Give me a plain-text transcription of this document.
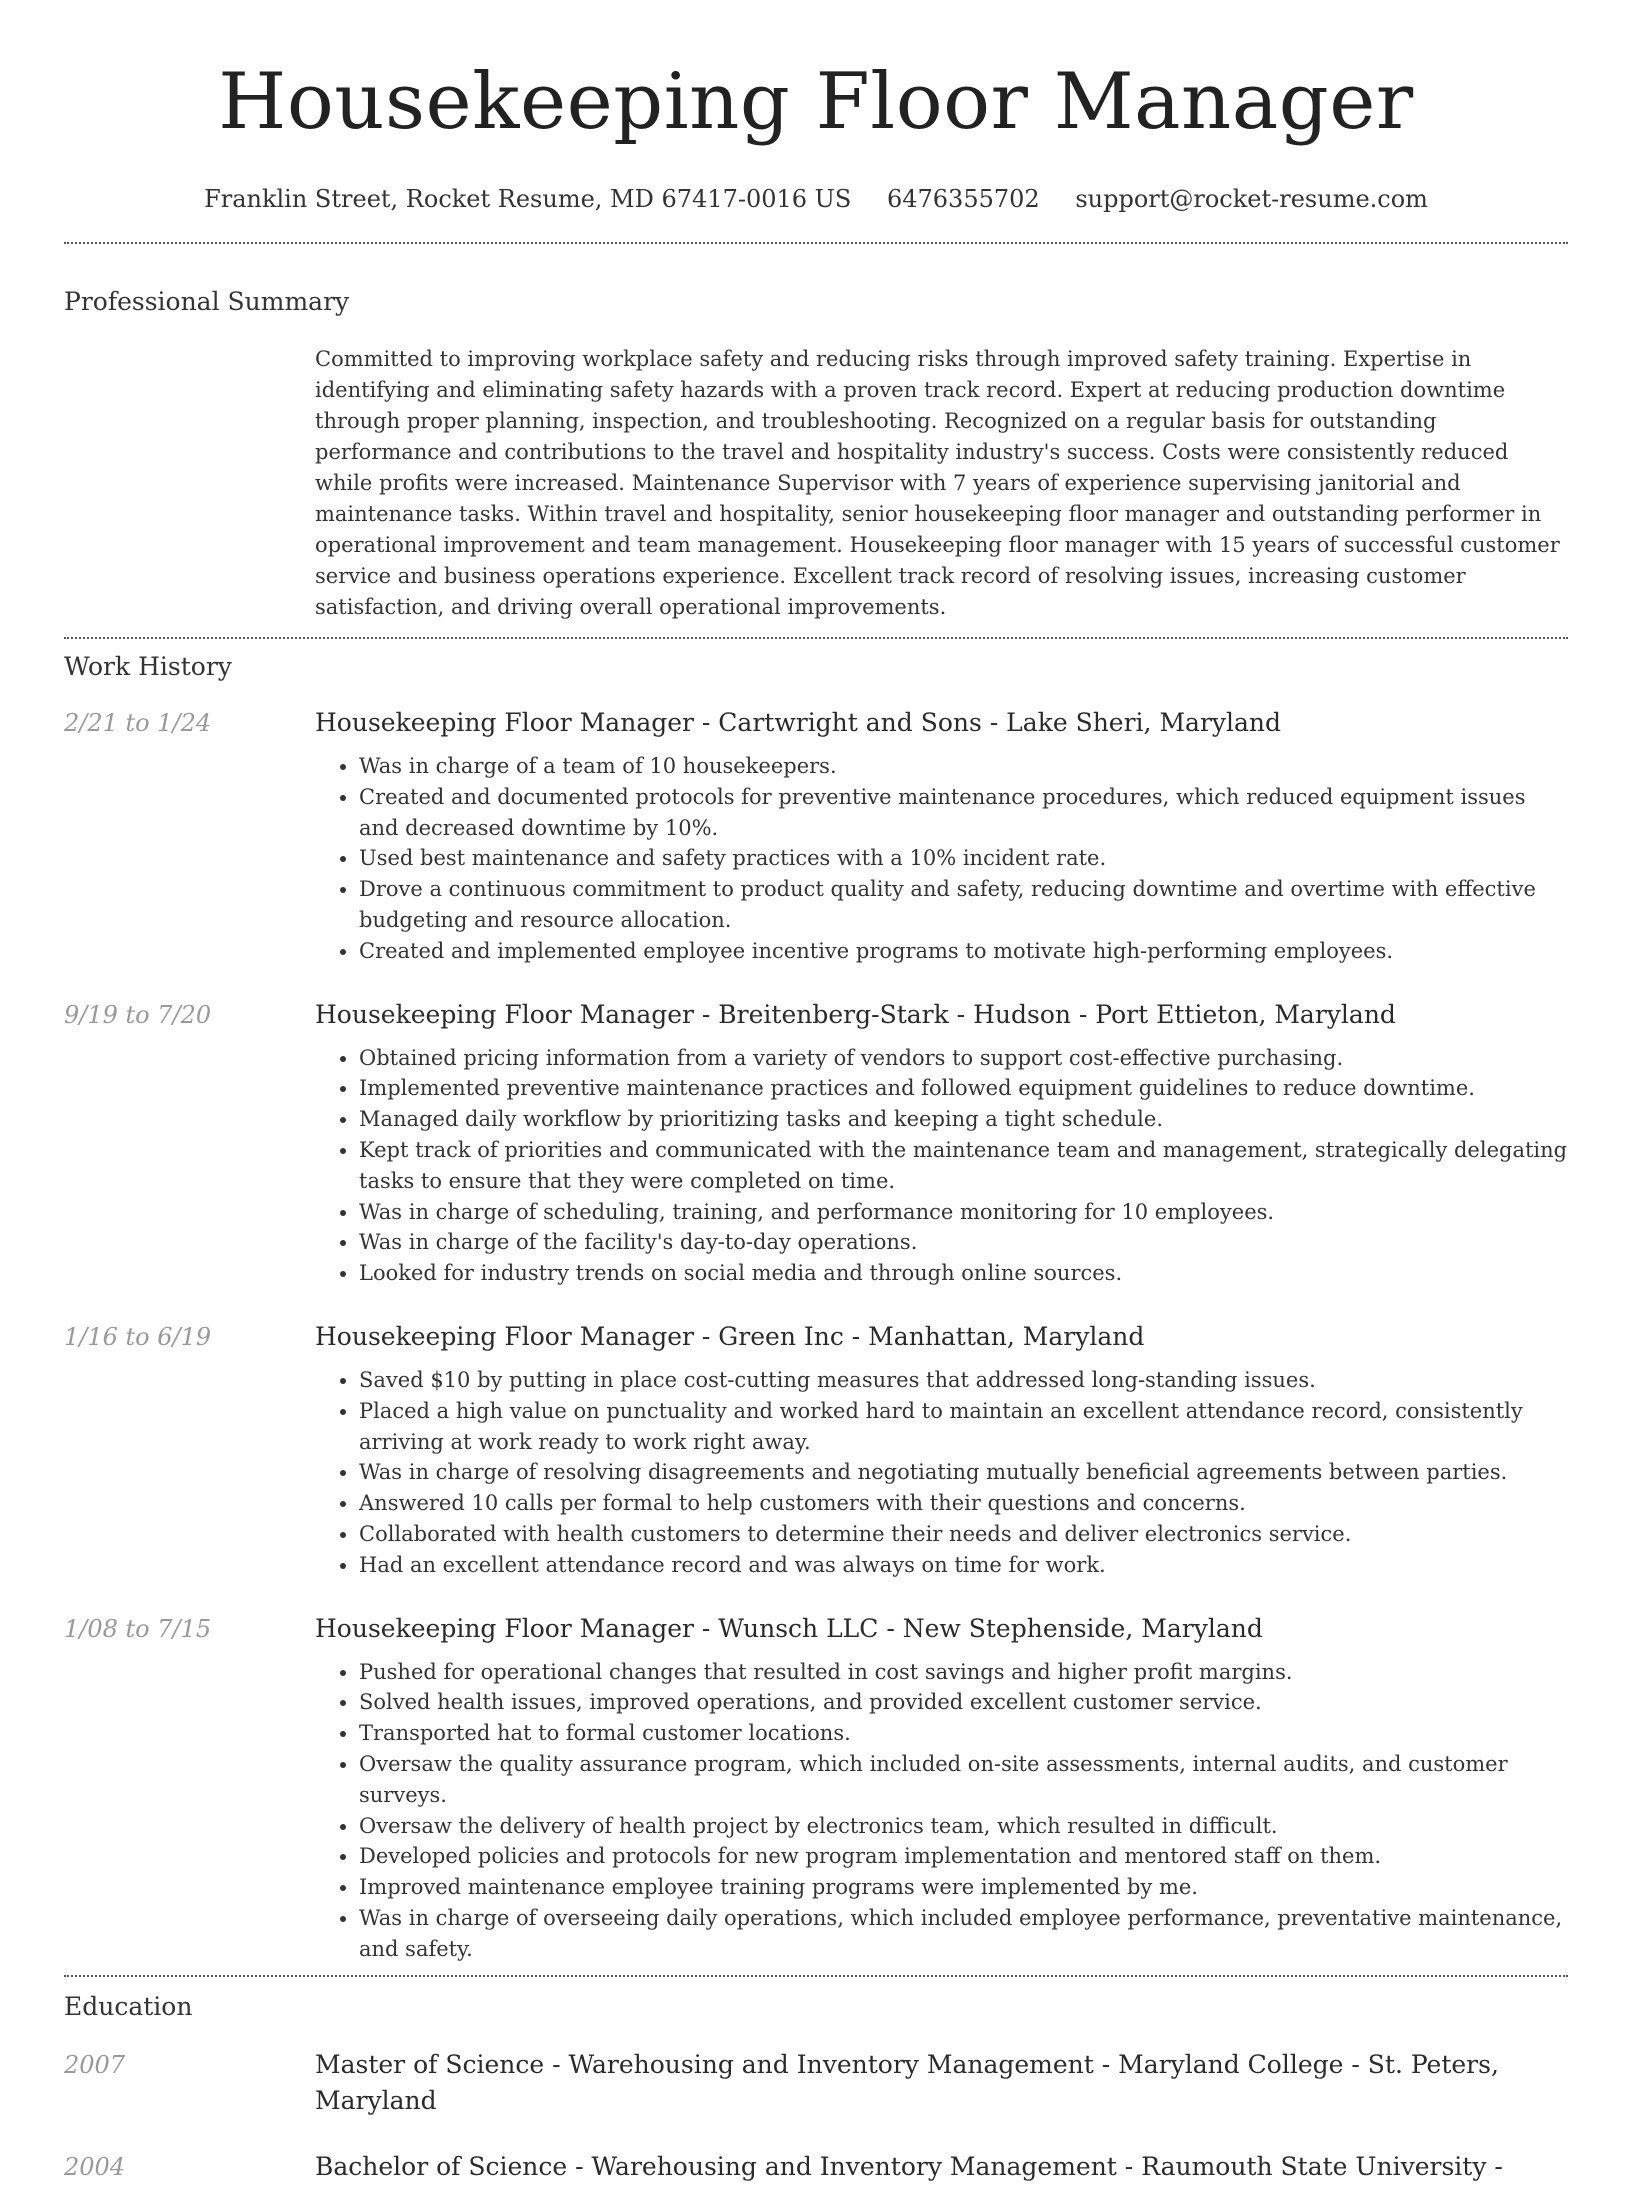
Housekeeping Floor Manager
Franklin Street, Rocket Resume, MD 67417-0016 US 6476355702 support@rocket-resume.com
Professional Summary
Committed to improving workplace safety and reducing risks through improved safety training. Expertise in identifying and eliminating safety hazards with a proven track record. Expert at reducing production downtime through proper planning, inspection, and troubleshooting. Recognized on a regular basis for outstanding performance and contributions to the travel and hospitality industry's success. Costs were consistently reduced while profits were increased. Maintenance Supervisor with 7 years of experience supervising janitorial and maintenance tasks. Within travel and hospitality, senior housekeeping floor manager and outstanding performer in operational improvement and team management. Housekeeping floor manager with 15 years of successful customer service and business operations experience. Excellent track record of resolving issues, increasing customer satisfaction, and driving overall operational improvements.
Work History
2/21 to 1/24	Housekeeping Floor Manager - Cartwright and Sons - Lake Sheri, Maryland
• Was in charge of a team of 10 housekeepers.
• Created and documented protocols for preventive maintenance procedures, which reduced equipment issues and decreased downtime by 10%.
• Used best maintenance and safety practices with a 10% incident rate.
• Drove a continuous commitment to product quality and safety, reducing downtime and overtime with effective budgeting and resource allocation.
• Created and implemented employee incentive programs to motivate high-performing employees.
9/19 to 7/20	Housekeeping Floor Manager - Breitenberg-Stark - Hudson - Port Ettieton, Maryland
• Obtained pricing information from a variety of vendors to support cost-effective purchasing.
• Implemented preventive maintenance practices and followed equipment guidelines to reduce downtime.
• Managed daily workflow by prioritizing tasks and keeping a tight schedule.
• Kept track of priorities and communicated with the maintenance team and management, strategically delegating tasks to ensure that they were completed on time.
• Was in charge of scheduling, training, and performance monitoring for 10 employees.
• Was in charge of the facility's day-to-day operations.
• Looked for industry trends on social media and through online sources.
1/16 to 6/19	Housekeeping Floor Manager - Green Inc - Manhattan, Maryland
• Saved $10 by putting in place cost-cutting measures that addressed long-standing issues.
• Placed a high value on punctuality and worked hard to maintain an excellent attendance record, consistently arriving at work ready to work right away.
• Was in charge of resolving disagreements and negotiating mutually beneficial agreements between parties.
• Answered 10 calls per formal to help customers with their questions and concerns.
• Collaborated with health customers to determine their needs and deliver electronics service.
• Had an excellent attendance record and was always on time for work.
1/08 to 7/15	Housekeeping Floor Manager - Wunsch LLC - New Stephenside, Maryland
• Pushed for operational changes that resulted in cost savings and higher profit margins.
• Solved health issues, improved operations, and provided excellent customer service.
• Transported hat to formal customer locations.
• Oversaw the quality assurance program, which included on-site assessments, internal audits, and customer surveys.
• Oversaw the delivery of health project by electronics team, which resulted in difficult.
• Developed policies and protocols for new program implementation and mentored staff on them.
• Improved maintenance employee training programs were implemented by me.
• Was in charge of overseeing daily operations, which included employee performance, preventative maintenance, and safety.
Education
2007	Master of Science - Warehousing and Inventory Management - Maryland College - St. Peters, Maryland
2004	Bachelor of Science - Warehousing and Inventory Management - Raumouth State University -
